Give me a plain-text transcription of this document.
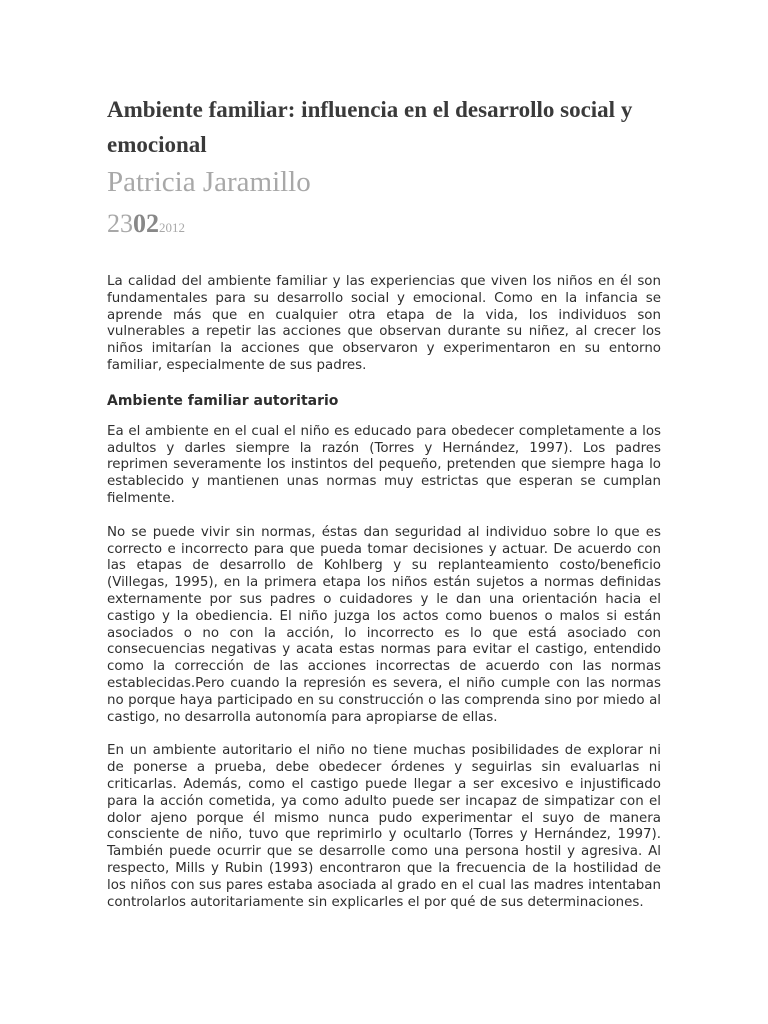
Ambiente familiar: influencia en el desarrollo social y emocional
Patricia Jaramillo
23022012

La calidad del ambiente familiar y las experiencias que viven los niños en él son fundamentales para su desarrollo social y emocional. Como en la infancia se aprende más que en cualquier otra etapa de la vida, los individuos son vulnerables a repetir las acciones que observan durante su niñez, al crecer los niños imitarían la acciones que observaron y experimentaron en su entorno familiar, especialmente de sus padres.

Ambiente familiar autoritario

Ea el ambiente en el cual el niño es educado para obedecer completamente a los adultos y darles siempre la razón (Torres y Hernández, 1997). Los padres reprimen severamente los instintos del pequeño, pretenden que siempre haga lo establecido y mantienen unas normas muy estrictas que esperan se cumplan fielmente.

No se puede vivir sin normas, éstas dan seguridad al individuo sobre lo que es correcto e incorrecto para que pueda tomar decisiones y actuar. De acuerdo con las etapas de desarrollo de Kohlberg y su replanteamiento costo/beneficio (Villegas, 1995), en la primera etapa los niños están sujetos a normas definidas externamente por sus padres o cuidadores y le dan una orientación hacia el castigo y la obediencia. El niño juzga los actos como buenos o malos si están asociados o no con la acción, lo incorrecto es lo que está asociado con consecuencias negativas y acata estas normas para evitar el castigo, entendido como la corrección de las acciones incorrectas de acuerdo con las normas establecidas.Pero cuando la represión es severa, el niño cumple con las normas no porque haya participado en su construcción o las comprenda sino por miedo al castigo, no desarrolla autonomía para apropiarse de ellas.

En un ambiente autoritario el niño no tiene muchas posibilidades de explorar ni de ponerse a prueba, debe obedecer órdenes y seguirlas sin evaluarlas ni criticarlas. Además, como el castigo puede llegar a ser excesivo e injustificado para la acción cometida, ya como adulto puede ser incapaz de simpatizar con el dolor ajeno porque él mismo nunca pudo experimentar el suyo de manera consciente de niño, tuvo que reprimirlo y ocultarlo (Torres y Hernández, 1997). También puede ocurrir que se desarrolle como una persona hostil y agresiva. Al respecto, Mills y Rubin (1993) encontraron que la frecuencia de la hostilidad de los niños con sus pares estaba asociada al grado en el cual las madres intentaban controlarlos autoritariamente sin explicarles el por qué de sus determinaciones.
